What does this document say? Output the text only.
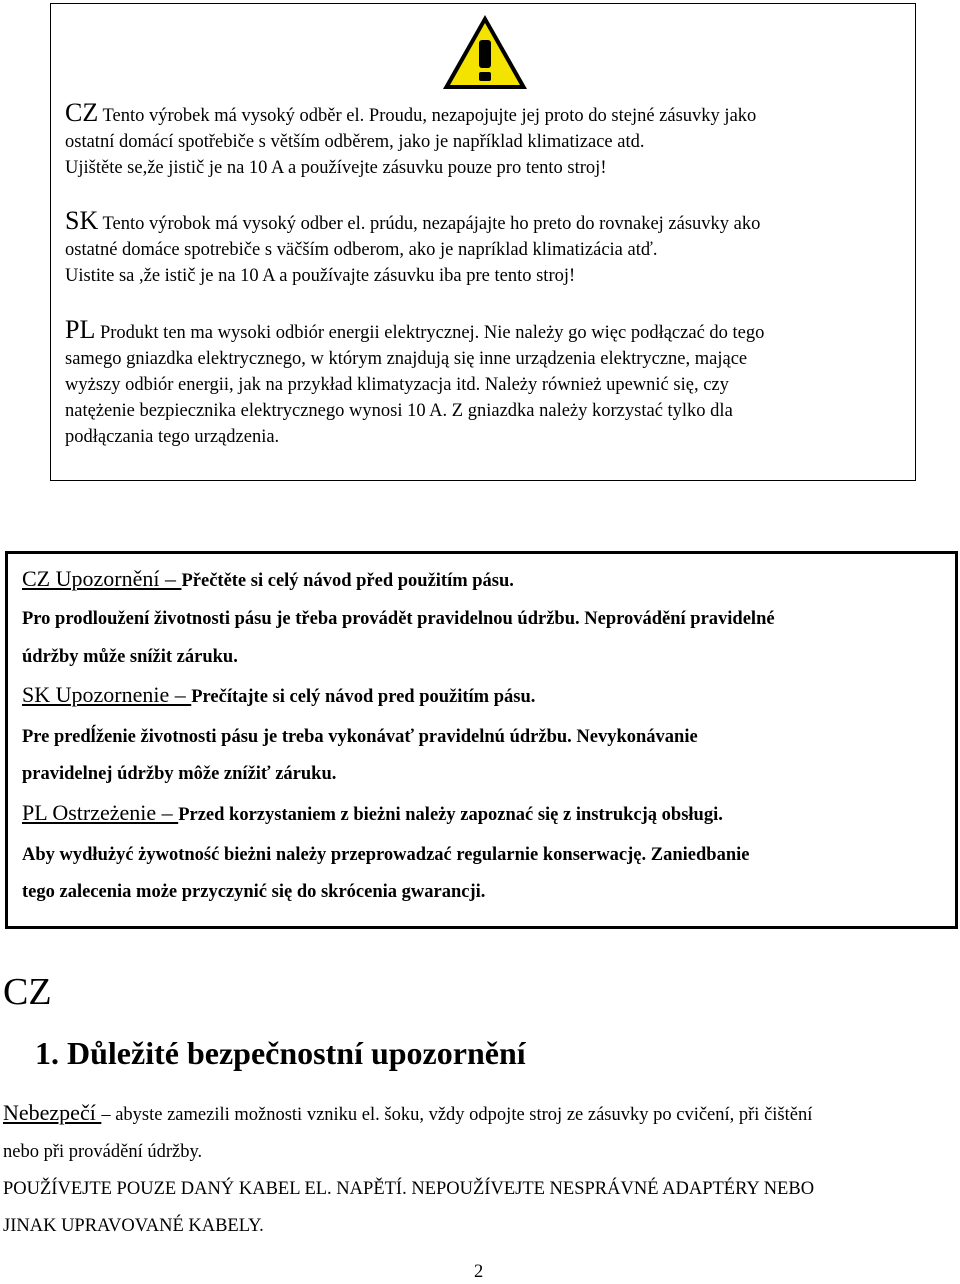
CZ Tento výrobek má vysoký odběr el. Proudu, nezapojujte jej proto do stejné zásuvky jako
ostatní domácí spotřebiče s větším odběrem, jako je například klimatizace atd.
Ujištěte se,že jistič je na 10 A a používejte zásuvku pouze pro tento stroj!
SK Tento výrobok má vysoký odber el. prúdu, nezapájajte ho preto do rovnakej zásuvky ako
ostatné domáce spotrebiče s väčším odberom, ako je napríklad klimatizácia atď.
Uistite sa ,že istič je na 10 A a používajte zásuvku iba pre tento stroj!
PL Produkt ten ma wysoki odbiór energii elektrycznej. Nie należy go więc podłączać do tego
samego gniazdka elektrycznego, w którym znajdują się inne urządzenia elektryczne, mające
wyższy odbiór energii, jak na przykład klimatyzacja itd. Należy również upewnić się, czy
natężenie bezpiecznika elektrycznego wynosi 10 A. Z gniazdka należy korzystać tylko dla
podłączania tego urządzenia.
CZ Upozornění – Přečtěte si celý návod před použitím pásu.
Pro prodloužení životnosti pásu je třeba provádět pravidelnou údržbu. Neprovádění pravidelné
údržby může snížit záruku.
SK Upozornenie – Prečítajte si celý návod pred použitím pásu.
Pre predĺženie životnosti pásu je treba vykonávať pravidelnú údržbu. Nevykonávanie
pravidelnej údržby môže znížiť záruku.
PL Ostrzeżenie – Przed korzystaniem z bieżni należy zapoznać się z instrukcją obsługi.
Aby wydłużyć żywotność bieżni należy przeprowadzać regularnie konserwację. Zaniedbanie
tego zalecenia może przyczynić się do skrócenia gwarancji.
CZ
1. Důležité bezpečnostní upozornění
Nebezpečí – abyste zamezili možnosti vzniku el. šoku, vždy odpojte stroj ze zásuvky po cvičení, při čištění
nebo při provádění údržby.
POUŽÍVEJTE POUZE DANÝ KABEL EL. NAPĚTÍ. NEPOUŽÍVEJTE NESPRÁVNÉ ADAPTÉRY NEBO
JINAK UPRAVOVANÉ KABELY.
2
